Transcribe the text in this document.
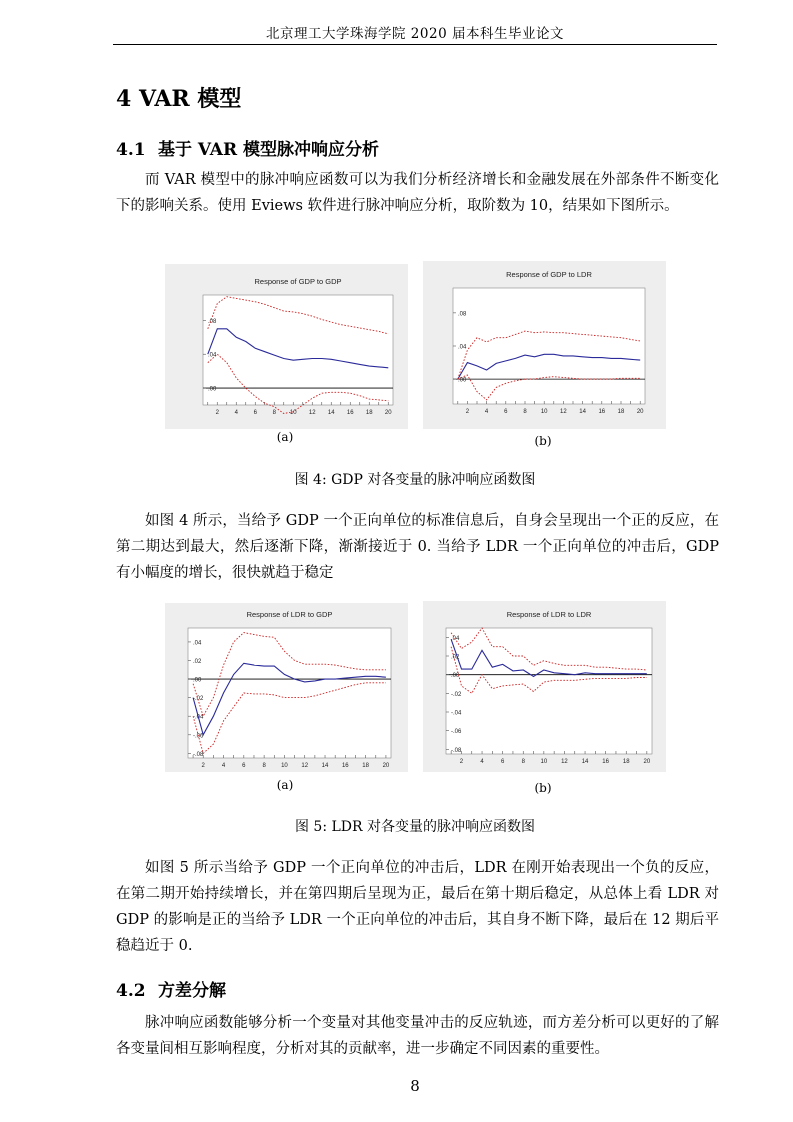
北京理工大学珠海学院 2020 届本科生毕业论文
4 VAR 模型
4.1 基于 VAR 模型脉冲响应分析

而 VAR 模型中的脉冲响应函数可以为我们分析经济增长和金融发展在外部条件不断变化下的影响关系。使用 Eviews 软件进行脉冲响应分析，取阶数为 10，结果如下图所示。

Response of GDP to GDP
.00
.04
.08
2	4	6	8 10 12 14 16 18 20
Response of GDP to LDR
.00
.04
.08
2	4	6	8 10 12 14 16 18 20
(a)	(b)
图 4: GDP 对各变量的脉冲响应函数图

如图 4 所示，当给予 GDP 一个正向单位的标准信息后，自身会呈现出一个正的反应，在第二期达到最大，然后逐渐下降，渐渐接近于 0. 当给予 LDR 一个正向单位的冲击后，GDP 有小幅度的增长，很快就趋于稳定

Response of LDR to GDP
.04
.02
.00
-.02
-.04
-.06
-.08
2	4	6	8	10 12 14 16 18 20
Response of LDR to LDR
.04
.02
.00
-.02
-.04
-.06
-.08
2	4	6	8	10 12 14 16 18 20
(a)	(b)
图 5: LDR 对各变量的脉冲响应函数图

如图 5 所示当给予 GDP 一个正向单位的冲击后，LDR 在刚开始表现出一个负的反应，在第二期开始持续增长，并在第四期后呈现为正，最后在第十期后稳定，从总体上看 LDR 对 GDP 的影响是正的当给予 LDR 一个正向单位的冲击后，其自身不断下降，最后在 12 期后平稳趋近于 0.

4.2 方差分解

脉冲响应函数能够分析一个变量对其他变量冲击的反应轨迹，而方差分析可以更好的了解各变量间相互影响程度，分析对其的贡献率，进一步确定不同因素的重要性。

8
